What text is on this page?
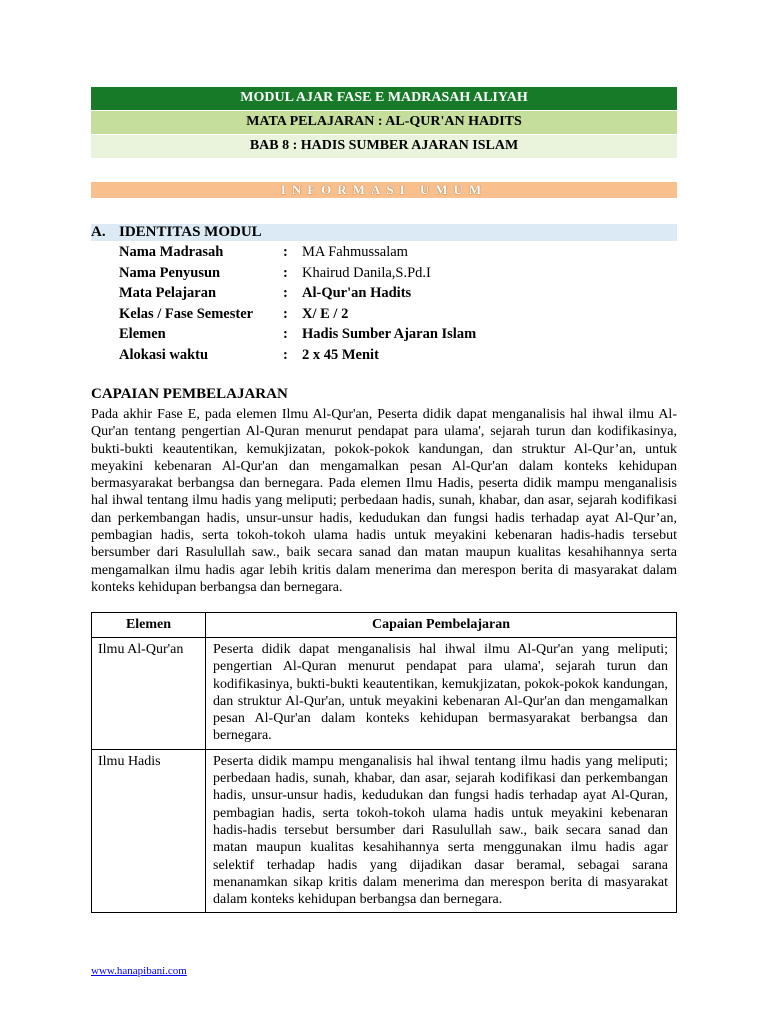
MODUL AJAR FASE E MADRASAH ALIYAH
MATA PELAJARAN : AL-QUR'AN HADITS
BAB 8 : HADIS SUMBER AJARAN ISLAM
INFORMASI UMUM
A. IDENTITAS MODUL
Nama Madrasah	: MA Fahmussalam
Nama Penyusun	: Khairud Danila,S.Pd.I
Mata Pelajaran	: Al-Qur'an Hadits
Kelas / Fase Semester : X/ E / 2
Elemen	: Hadis Sumber Ajaran Islam
Alokasi waktu	: 2 x 45 Menit
CAPAIAN PEMBELAJARAN
Pada akhir Fase E, pada elemen Ilmu Al-Qur'an, Peserta didik dapat menganalisis hal ihwal ilmu Al-Qur'an tentang pengertian Al-Quran menurut pendapat para ulama', sejarah turun dan kodifikasinya, bukti-bukti keautentikan, kemukjizatan, pokok-pokok kandungan, dan struktur Al-Qur’an, untuk meyakini kebenaran Al-Qur'an dan mengamalkan pesan Al-Qur'an dalam konteks kehidupan bermasyarakat berbangsa dan bernegara. Pada elemen Ilmu Hadis, peserta didik mampu menganalisis hal ihwal tentang ilmu hadis yang meliputi; perbedaan hadis, sunah, khabar, dan asar, sejarah kodifikasi dan perkembangan hadis, unsur-unsur hadis, kedudukan dan fungsi hadis terhadap ayat Al-Qur’an, pembagian hadis, serta tokoh-tokoh ulama hadis untuk meyakini kebenaran hadis-hadis tersebut bersumber dari Rasulullah saw., baik secara sanad dan matan maupun kualitas kesahihannya serta mengamalkan ilmu hadis agar lebih kritis dalam menerima dan merespon berita di masyarakat dalam konteks kehidupan berbangsa dan bernegara.
Elemen	Capaian Pembelajaran
Ilmu Al-Qur'an	Peserta didik dapat menganalisis hal ihwal ilmu Al-Qur'an yang meliputi; pengertian Al-Quran menurut pendapat para ulama', sejarah turun dan kodifikasinya, bukti-bukti keautentikan, kemukjizatan, pokok-pokok kandungan, dan struktur Al-Qur'an, untuk meyakini kebenaran Al-Qur'an dan mengamalkan pesan Al-Qur'an dalam konteks kehidupan bermasyarakat berbangsa dan bernegara.
Ilmu Hadis	Peserta didik mampu menganalisis hal ihwal tentang ilmu hadis yang meliputi; perbedaan hadis, sunah, khabar, dan asar, sejarah kodifikasi dan perkembangan hadis, unsur-unsur hadis, kedudukan dan fungsi hadis terhadap ayat Al-Quran, pembagian hadis, serta tokoh-tokoh ulama hadis untuk meyakini kebenaran hadis-hadis tersebut bersumber dari Rasulullah saw., baik secara sanad dan matan maupun kualitas kesahihannya serta menggunakan ilmu hadis agar selektif terhadap hadis yang dijadikan dasar beramal, sebagai sarana menanamkan sikap kritis dalam menerima dan merespon berita di masyarakat dalam konteks kehidupan berbangsa dan bernegara.
www.hanapibani.com
